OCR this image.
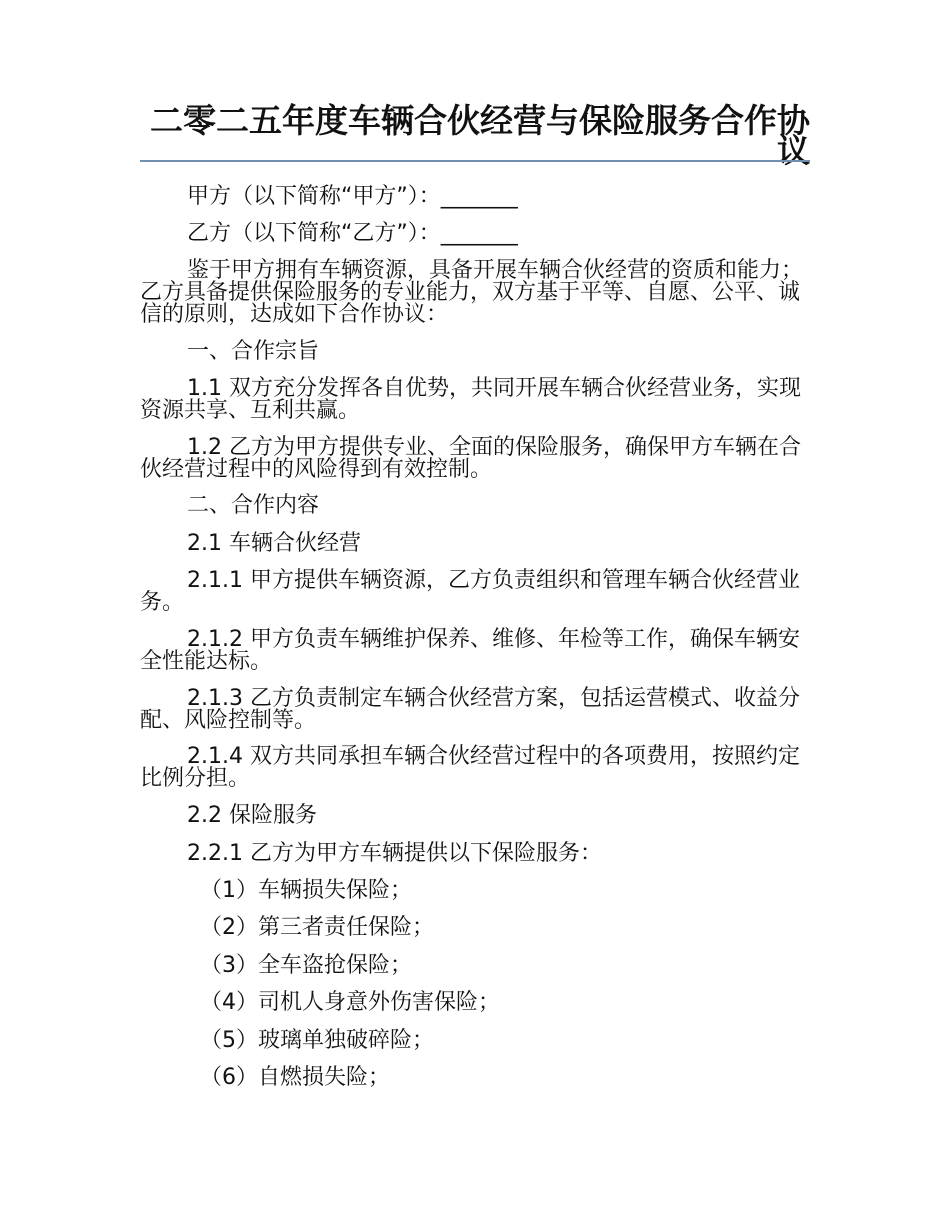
二零二五年度车辆合伙经营与保险服务合作协议

甲方（以下简称“甲方”）：_______

乙方（以下简称“乙方”）：_______

鉴于甲方拥有车辆资源，具备开展车辆合伙经营的资质和能力；乙方具备提供保险服务的专业能力，双方基于平等、自愿、公平、诚信的原则，达成如下合作协议：

一、合作宗旨

1.1 双方充分发挥各自优势，共同开展车辆合伙经营业务，实现资源共享、互利共赢。

1.2 乙方为甲方提供专业、全面的保险服务，确保甲方车辆在合伙经营过程中的风险得到有效控制。

二、合作内容

2.1 车辆合伙经营

2.1.1 甲方提供车辆资源，乙方负责组织和管理车辆合伙经营业务。

2.1.2 甲方负责车辆维护保养、维修、年检等工作，确保车辆安全性能达标。

2.1.3 乙方负责制定车辆合伙经营方案，包括运营模式、收益分配、风险控制等。

2.1.4 双方共同承担车辆合伙经营过程中的各项费用，按照约定比例分担。

2.2 保险服务

2.2.1 乙方为甲方车辆提供以下保险服务：

（1）车辆损失保险；

（2）第三者责任保险；

（3）全车盗抢保险；

（4）司机人身意外伤害保险；

（5）玻璃单独破碎险；

（6）自燃损失险；
